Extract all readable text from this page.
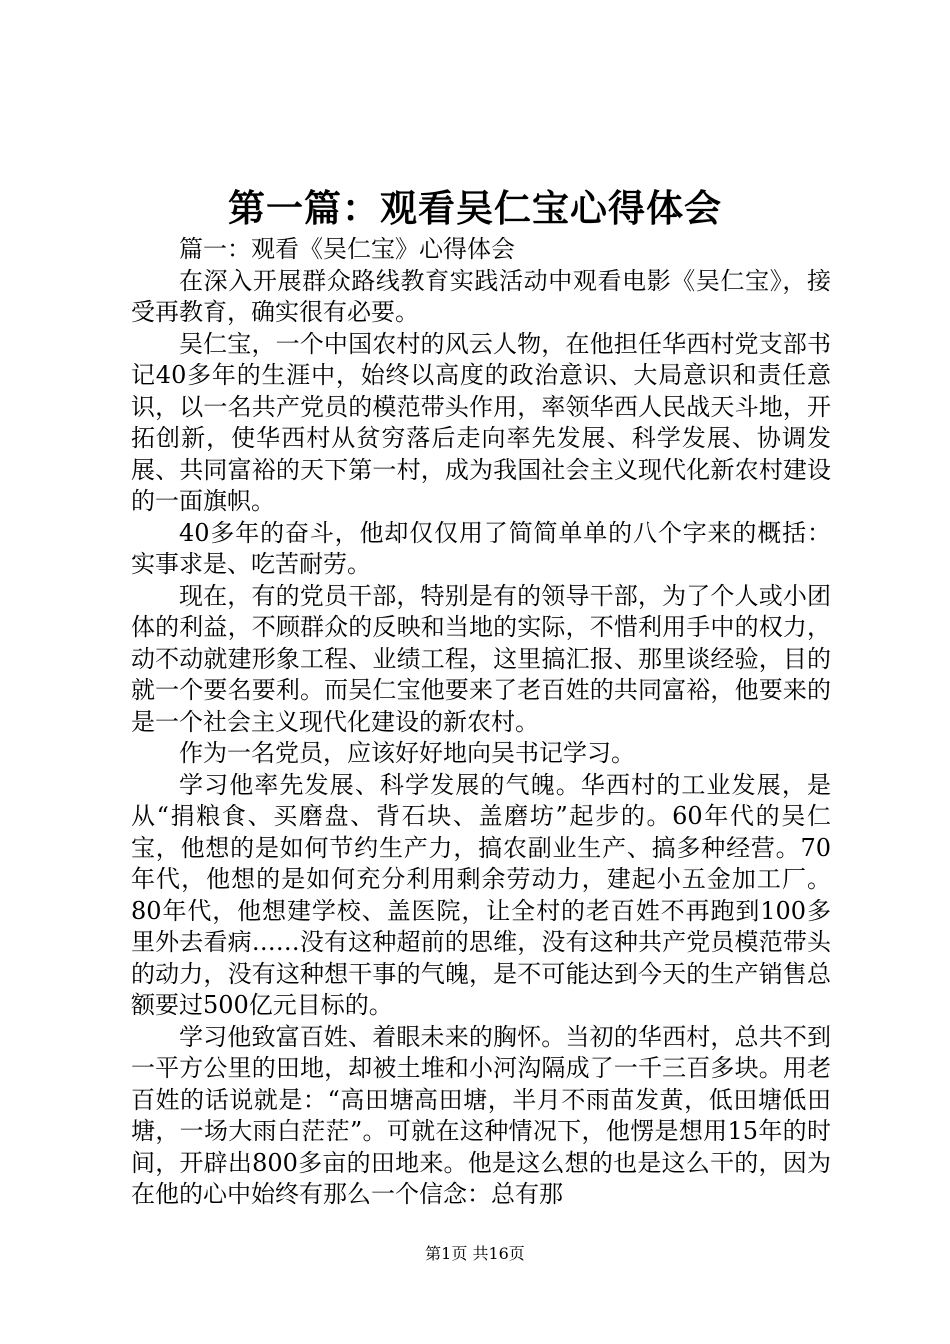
第一篇：观看吴仁宝心得体会

篇一：观看《吴仁宝》心得体会

在深入开展群众路线教育实践活动中观看电影《吴仁宝》，接受再教育，确实很有必要。

吴仁宝，一个中国农村的风云人物，在他担任华西村党支部书记40多年的生涯中，始终以高度的政治意识、大局意识和责任意识，以一名共产党员的模范带头作用，率领华西人民战天斗地，开拓创新，使华西村从贫穷落后走向率先发展、科学发展、协调发展、共同富裕的天下第一村，成为我国社会主义现代化新农村建设的一面旗帜。

40多年的奋斗，他却仅仅用了简简单单的八个字来的概括：实事求是、吃苦耐劳。

现在，有的党员干部，特别是有的领导干部，为了个人或小团体的利益，不顾群众的反映和当地的实际，不惜利用手中的权力，动不动就建形象工程、业绩工程，这里搞汇报、那里谈经验，目的就一个要名要利。而吴仁宝他要来了老百姓的共同富裕，他要来的是一个社会主义现代化建设的新农村。

作为一名党员，应该好好地向吴书记学习。

学习他率先发展、科学发展的气魄。华西村的工业发展，是从“捐粮食、买磨盘、背石块、盖磨坊”起步的。60年代的吴仁宝，他想的是如何节约生产力，搞农副业生产、搞多种经营。70年代，他想的是如何充分利用剩余劳动力，建起小五金加工厂。80年代，他想建学校、盖医院，让全村的老百姓不再跑到100多里外去看病……没有这种超前的思维，没有这种共产党员模范带头的动力，没有这种想干事的气魄，是不可能达到今天的生产销售总额要过500亿元目标的。

学习他致富百姓、着眼未来的胸怀。当初的华西村，总共不到一平方公里的田地，却被土堆和小河沟隔成了一千三百多块。用老百姓的话说就是：“高田塘高田塘，半月不雨苗发黄，低田塘低田塘，一场大雨白茫茫”。可就在这种情况下，他愣是想用15年的时间，开辟出800多亩的田地来。他是这么想的也是这么干的，因为在他的心中始终有那么一个信念：总有那

第1页 共16页
